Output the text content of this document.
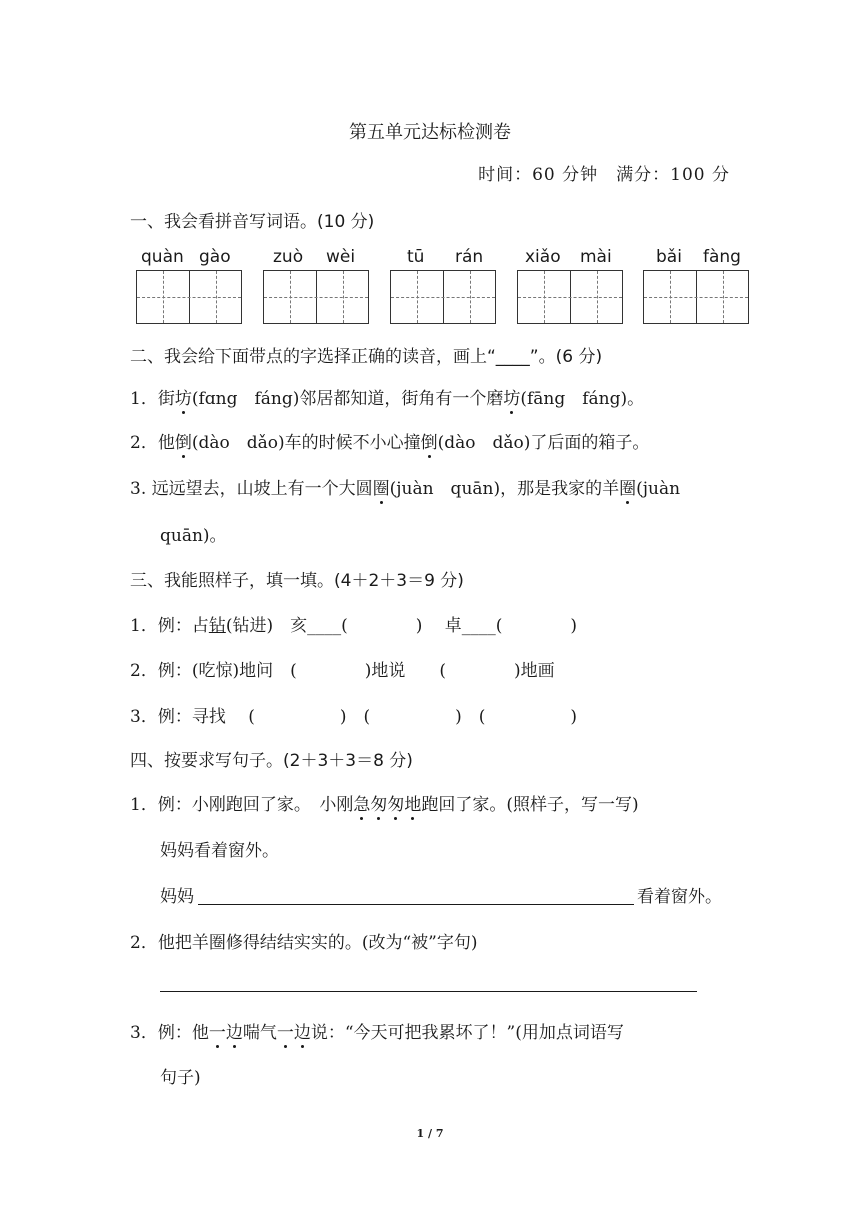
第五单元达标检测卷
时间：60 分钟　满分：100 分
一、我会看拼音写词语。(10 分)
quàn gào zuò wèi	tū rán xiǎo mài	bǎi fàng
二、我会给下面带点的字选择正确的读音，画上“____”。(6 分)
1．街坊(fɑng　fáng)邻居都知道，街角有一个磨坊(fāng　fáng)。
2．他倒(dào　dǎo)车的时候不小心撞倒(dào　dǎo)了后面的箱子。
3. 远远望去，山坡上有一个大圆圈(juàn　quān)，那是我家的羊圈(juàn
quān)。
三、我能照样子，填一填。(4＋2＋3＝9 分)
1．例：占钻(钻进)　亥____(　　　　)　 卓____(　　　　)
2．例：(吃惊)地问　(　　　　)地说　　(　　　　)地画
3．例：寻找　 (　　　　　)　(　　　　　)　(　　　　　)
四、按要求写句子。(2＋3＋3＝8 分)
1．例：小刚跑回了家。　小刚急匆匆地跑回了家。(照样子，写一写)
妈妈看着窗外。
妈妈	看着窗外。
2．他把羊圈修得结结实实的。(改为“被”字句)
3．例：他一边喘气一边说：“今天可把我累坏了！”(用加点词语写
句子)
1 / 7
